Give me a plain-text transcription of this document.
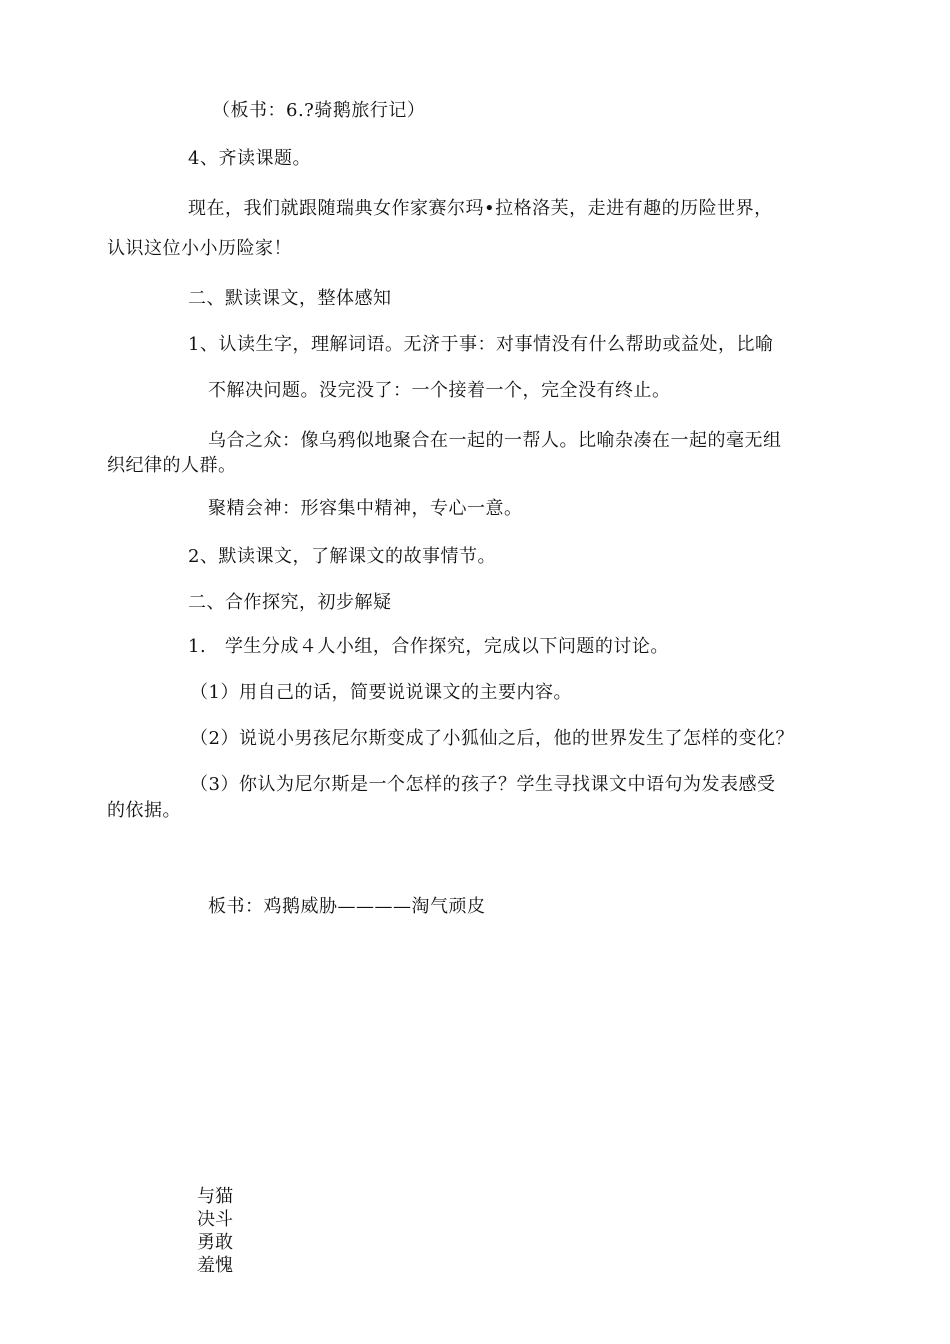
（板书：6.?骑鹅旅行记）
4、齐读课题。
现在，我们就跟随瑞典女作家赛尔玛•拉格洛芙，走进有趣的历险世界，
认识这位小小历险家！
二、默读课文，整体感知
1、认读生字，理解词语。无济于事：对事情没有什么帮助或益处，比喻
不解决问题。没完没了：一个接着一个，完全没有终止。
乌合之众：像乌鸦似地聚合在一起的一帮人。比喻杂凑在一起的毫无组
织纪律的人群。
聚精会神：形容集中精神，专心一意。
2、默读课文，了解课文的故事情节。
二、合作探究，初步解疑
1.   学生分成４人小组，合作探究，完成以下问题的讨论。
（1）用自己的话，简要说说课文的主要内容。
（2）说说小男孩尼尔斯变成了小狐仙之后，他的世界发生了怎样的变化？
（3）你认为尼尔斯是一个怎样的孩子？学生寻找课文中语句为发表感受
的依据。
板书：鸡鹅威胁————淘气顽皮
与猫
决斗
勇敢
羞愧
